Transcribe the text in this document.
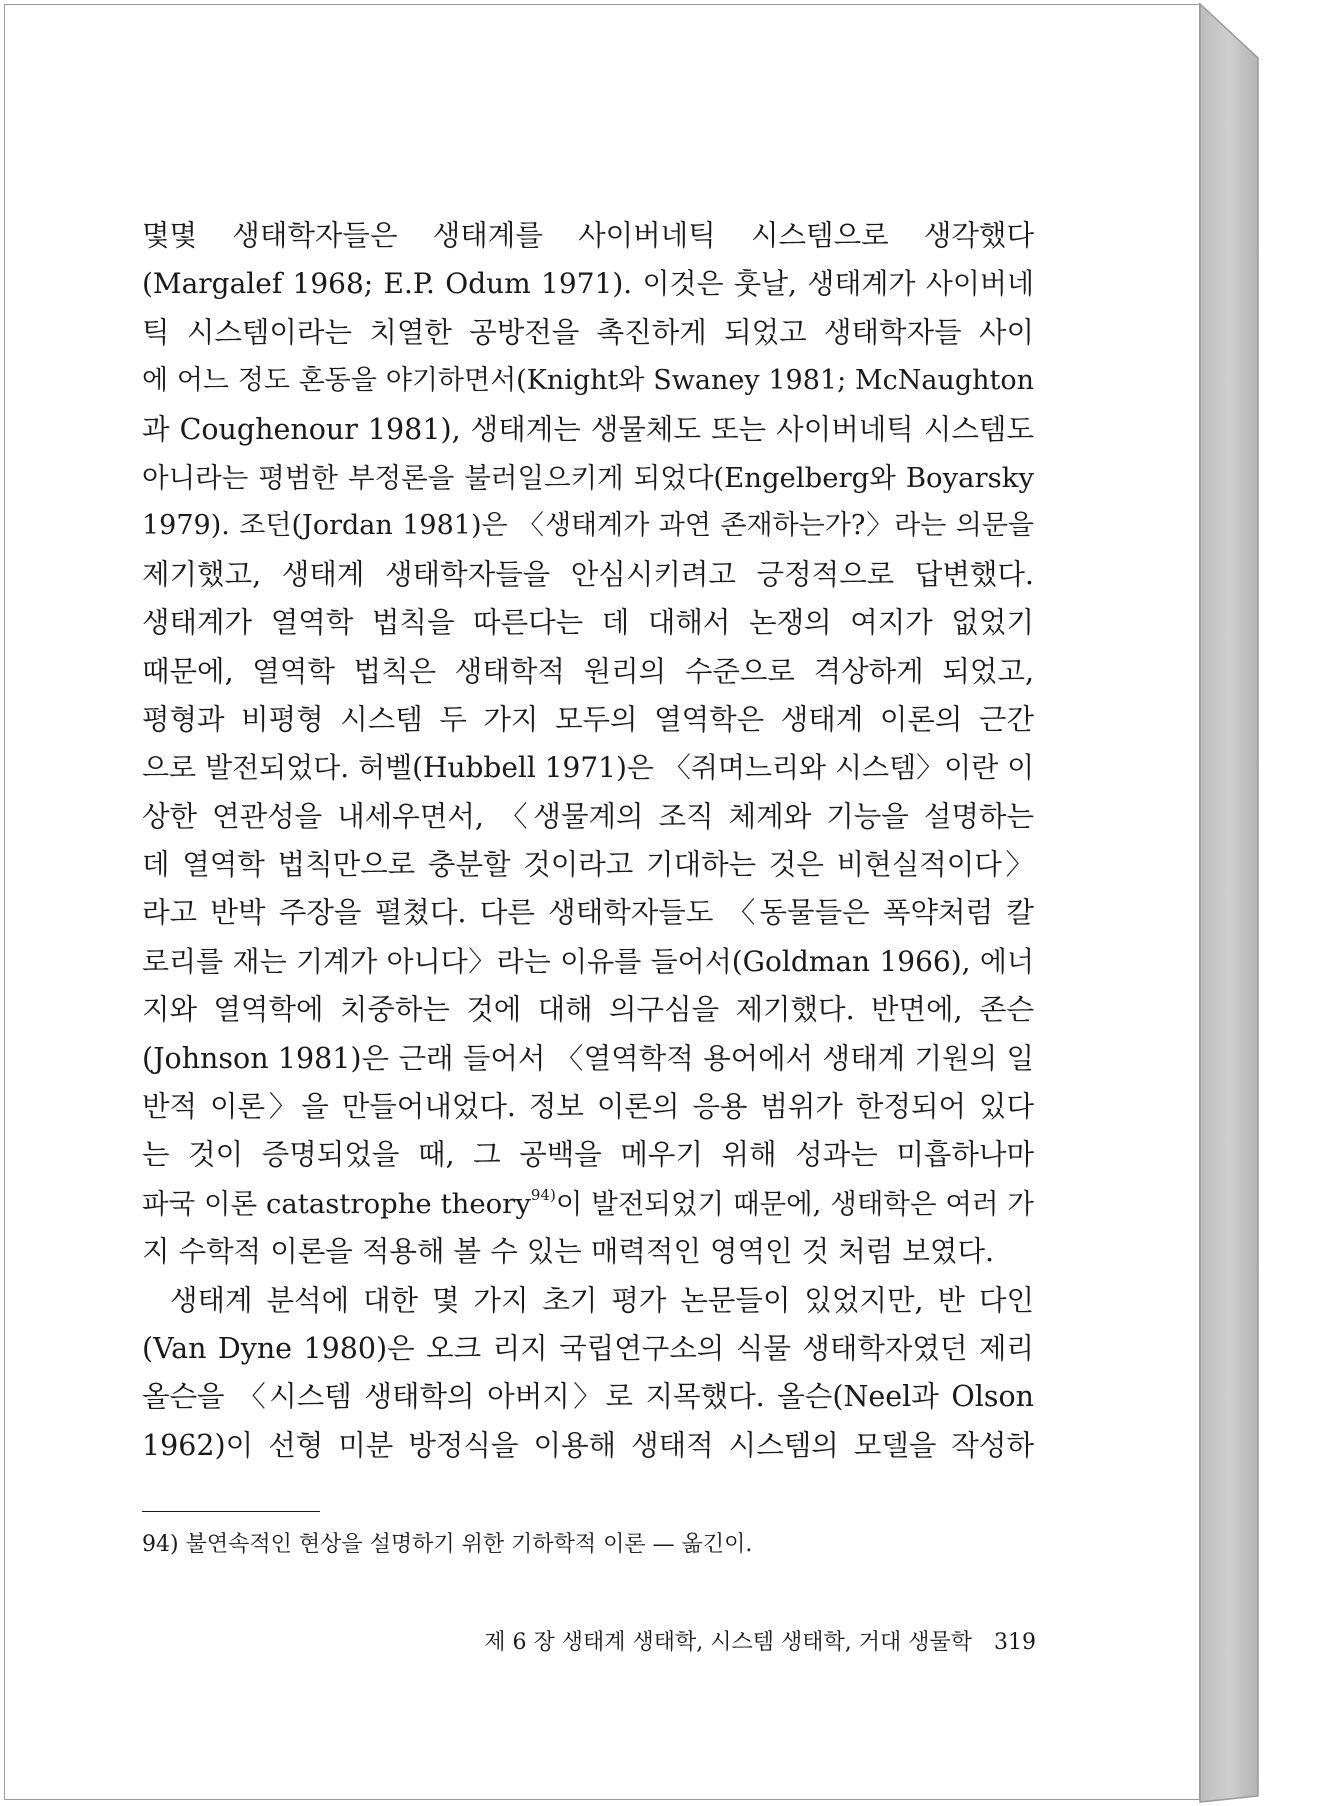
몇몇 생태학자들은 생태계를 사이버네틱 시스템으로 생각했다
(Margalef 1968; E.P. Odum 1971). 이것은 훗날, 생태계가 사이버네
틱 시스템이라는 치열한 공방전을 촉진하게 되었고 생태학자들 사이
에 어느 정도 혼동을 야기하면서(Knight와 Swaney 1981; McNaughton
과 Coughenour 1981), 생태계는 생물체도 또는 사이버네틱 시스템도
아니라는 평범한 부정론을 불러일으키게 되었다(Engelberg와 Boyarsky
1979). 조던(Jordan 1981)은 〈생태계가 과연 존재하는가?〉라는 의문을
제기했고, 생태계 생태학자들을 안심시키려고 긍정적으로 답변했다.
생태계가 열역학 법칙을 따른다는 데 대해서 논쟁의 여지가 없었기
때문에, 열역학 법칙은 생태학적 원리의 수준으로 격상하게 되었고,
평형과 비평형 시스템 두 가지 모두의 열역학은 생태계 이론의 근간
으로 발전되었다. 허벨(Hubbell 1971)은 〈쥐며느리와 시스템〉이란 이
상한 연관성을 내세우면서, 〈생물계의 조직 체계와 기능을 설명하는
데 열역학 법칙만으로 충분할 것이라고 기대하는 것은 비현실적이다〉
라고 반박 주장을 펼쳤다. 다른 생태학자들도 〈동물들은 폭약처럼 칼
로리를 재는 기계가 아니다〉라는 이유를 들어서(Goldman 1966), 에너
지와 열역학에 치중하는 것에 대해 의구심을 제기했다. 반면에, 존슨
(Johnson 1981)은 근래 들어서 〈열역학적 용어에서 생태계 기원의 일
반적 이론〉을 만들어내었다. 정보 이론의 응용 범위가 한정되어 있다
는 것이 증명되었을 때, 그 공백을 메우기 위해 성과는 미흡하나마
파국 이론 catastrophe theory$^{94)}$이 발전되었기 때문에, 생태학은 여러 가
지 수학적 이론을 적용해 볼 수 있는 매력적인 영역인 것 처럼 보였다.
생태계 분석에 대한 몇 가지 초기 평가 논문들이 있었지만, 반 다인
(Van Dyne 1980)은 오크 리지 국립연구소의 식물 생태학자였던 제리
올슨을 〈시스템 생태학의 아버지〉로 지목했다. 올슨(Neel과 Olson
1962)이 선형 미분 방정식을 이용해 생태적 시스템의 모델을 작성하
94) 불연속적인 현상을 설명하기 위한 기하학적 이론 — 옮긴이.
제 6 장 생태계 생태학, 시스템 생태학, 거대 생물학 319
